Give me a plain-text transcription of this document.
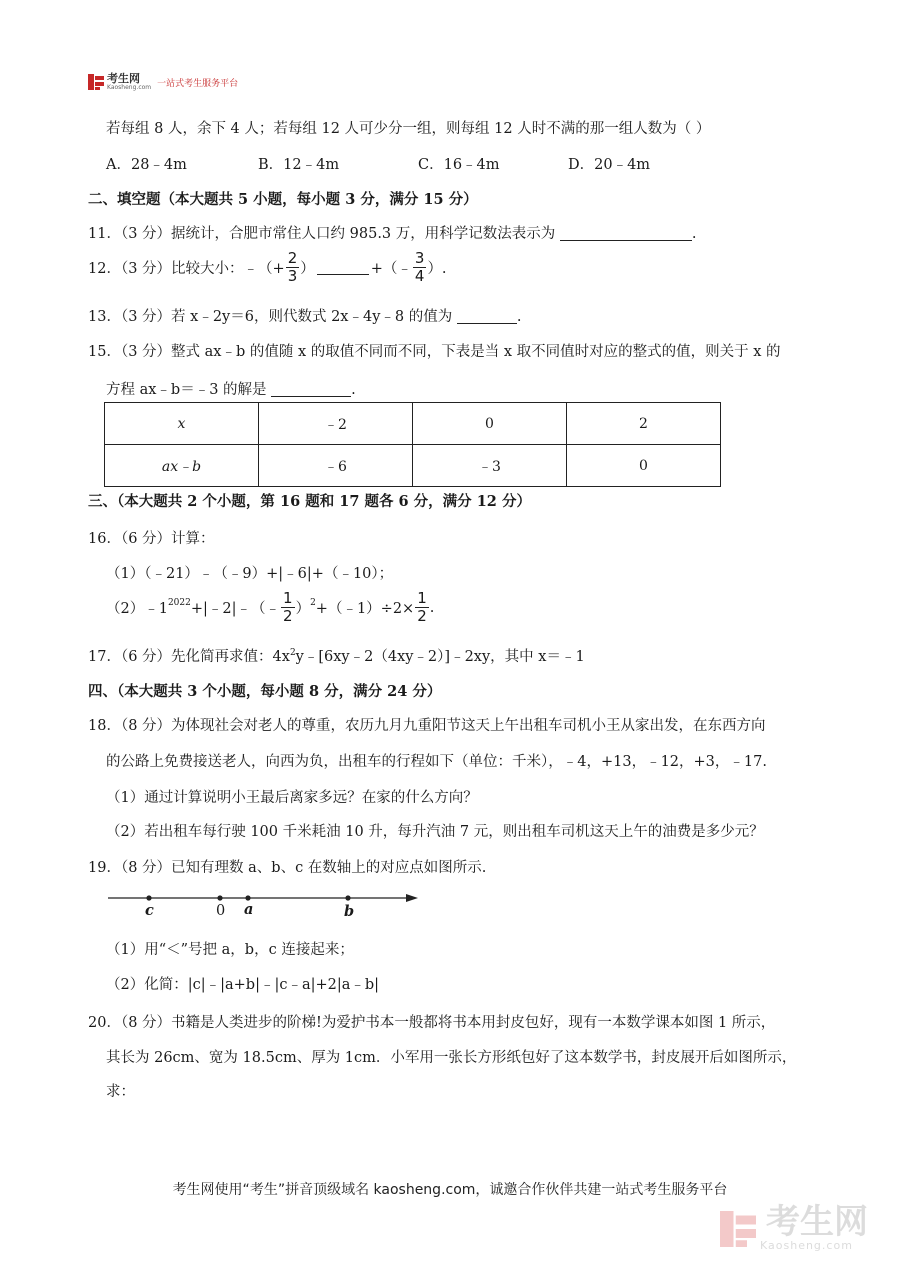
考生网
Kaosheng.com 一站式考生服务平台
若每组 8 人，余下 4 人；若每组 12 人可少分一组，则每组 12 人时不满的那一组人数为（ ）
A．28﹣4m	B．12﹣4m	C．16﹣4m	D．20﹣4m
二、填空题（本大题共 5 小题，每小题 3 分，满分 15 分）
11．（3 分）据统计，合肥市常住人口约 985.3 万，用科学记数法表示为	.
12．（3 分）比较大小：﹣（+ $\frac{2}{3}$ ）	+（﹣ $\frac{3}{4}$ ）.
13．（3 分）若 x﹣2y＝6，则代数式 2x﹣4y﹣8 的值为	.
15．（3 分）整式 ax﹣b 的值随 x 的取值不同而不同，下表是当 x 取不同值时对应的整式的值，则关于 x 的
方程 ax﹣b＝﹣3 的解是	.
x	﹣2	0	2
ax﹣b	﹣6	﹣3	0
三、（本大题共 2 个小题，第 16 题和 17 题各 6 分，满分 12 分）
16．（6 分）计算：
（1）（﹣21）﹣（﹣9）+|﹣6|+（﹣10）；
$(2)﹣1^{2022}$ +|﹣2|﹣（﹣ $\frac{1}{2} )^2$ +（﹣1）÷2× $\frac{1}{2}$ .
17．（6 分）先化简再求值：$4x^2y﹣[6xy﹣2(4xy﹣2)]﹣2xy$，其中 x＝﹣1
四、（本大题共 3 个小题，每小题 8 分，满分 24 分）
18．（8 分）为体现社会对老人的尊重，农历九月九重阳节这天上午出租车司机小王从家出发，在东西方向
的公路上免费接送老人，向西为负，出租车的行程如下（单位：千米），﹣4，+13，﹣12，+3，﹣17.
（1）通过计算说明小王最后离家多远？在家的什么方向？
（2）若出租车每行驶 100 千米耗油 10 升，每升汽油 7 元，则出租车司机这天上午的油费是多少元？
19．（8 分）已知有理数 a、b、c 在数轴上的对应点如图所示.
c	0 a	b
（1）用“＜”号把 a，b，c 连接起来；
（2）化简：|c|﹣|a+b|﹣|c﹣a|+2|a﹣b|
20．（8 分）书籍是人类进步的阶梯!为爱护书本一般都将书本用封皮包好，现有一本数学课本如图 1 所示，
其长为 26cm、宽为 18.5cm、厚为 1cm．小军用一张长方形纸包好了这本数学书，封皮展开后如图所示，
求：
考生网使用“考生”拼音顶级域名 kaosheng.com，诚邀合作伙伴共建一站式考生服务平台
考生网
Kaosheng.com
